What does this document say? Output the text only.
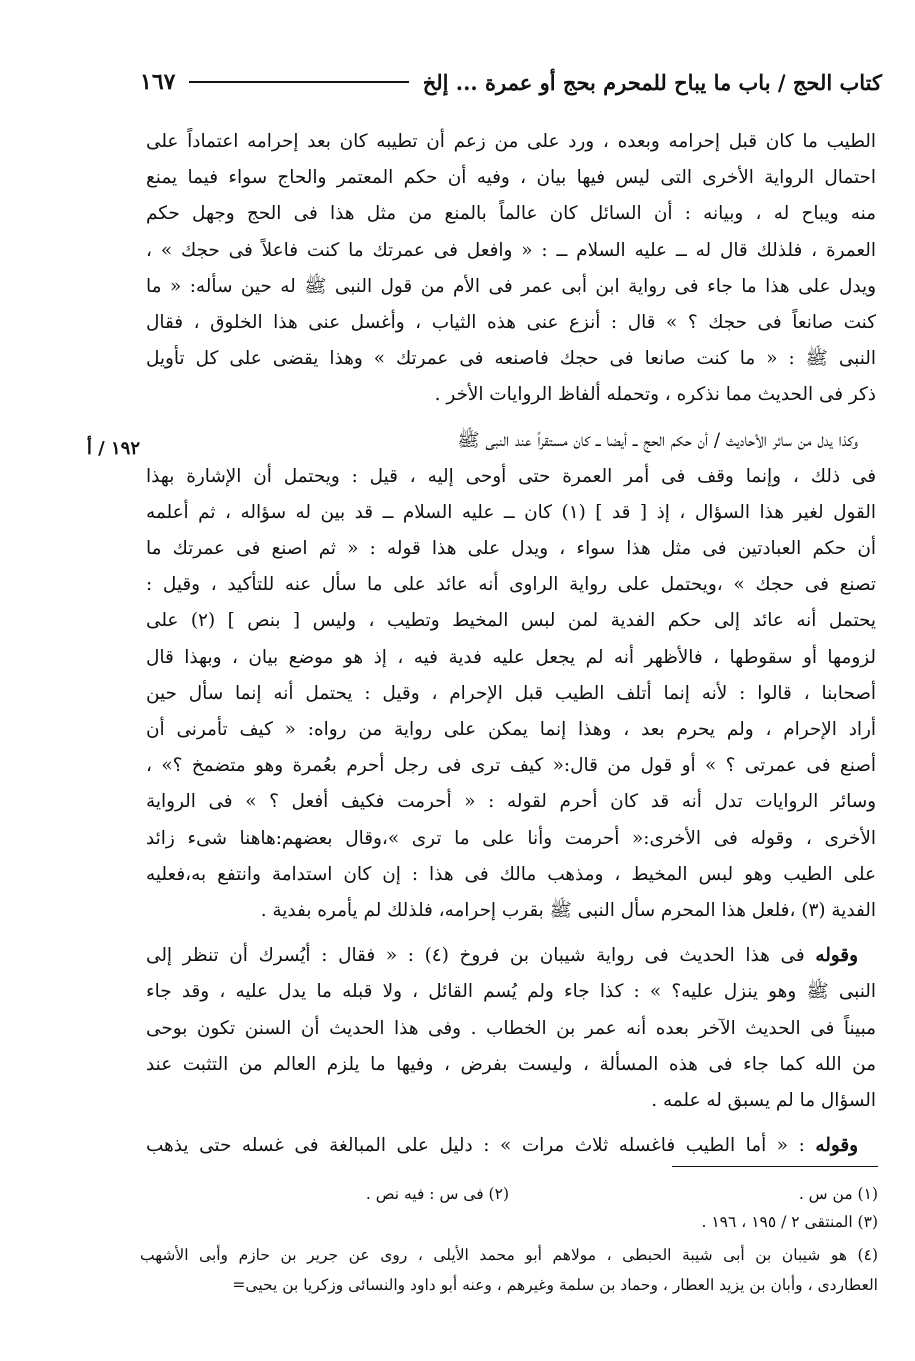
كتاب الحج / باب ما يباح للمحرم بحج أو عمرة ... إلخ
١٦٧
١٩٢ / أ
الطيب ما كان قبل إحرامه وبعده ، ورد على من زعم أن تطيبه كان بعد إحرامه اعتماداً على
احتمال الرواية الأخرى التى ليس فيها بيان ، وفيه أن حكم المعتمر والحاج سواء فيما يمنع
منه ويباح له ، وبيانه : أن السائل كان عالماً بالمنع من مثل هذا فى الحج وجهل حكم
العمرة ، فلذلك قال له ــ عليه السلام ــ : « وافعل فى عمرتك ما كنت فاعلاً فى حجك » ،
ويدل على هذا ما جاء فى رواية ابن أبى عمر فى الأم من قول النبى ﷺ له حين سأله: « ما
كنت صانعاً فى حجك ؟ » قال : أنزع عنى هذه الثياب ، وأغسل عنى هذا الخلوق ، فقال
النبى ﷺ : « ما كنت صانعا فى حجك فاصنعه فى عمرتك » وهذا يقضى على كل تأويل
ذكر فى الحديث مما نذكره ، وتحمله ألفاظ الروايات الأخر .
وكذا يدل من سائر الأحاديث / أن حكم الحج ــ أيضا ــ كان مستقراً عند النبى ﷺ
فى ذلك ، وإنما وقف فى أمر العمرة حتى أوحى إليه ، قيل : ويحتمل أن الإشارة بهذا
القول لغير هذا السؤال ، إذ [ قد ] (١) كان ــ عليه السلام ــ قد بين له سؤاله ، ثم أعلمه
أن حكم العبادتين فى مثل هذا سواء ، ويدل على هذا قوله : « ثم اصنع فى عمرتك ما
تصنع فى حجك » ،ويحتمل على رواية الراوى أنه عائد على ما سأل عنه للتأكيد ، وقيل :
يحتمل أنه عائد إلى حكم الفدية لمن لبس المخيط وتطيب ، وليس [ بنص ] (٢) على
لزومها أو سقوطها ، فالأظهر أنه لم يجعل عليه فدية فيه ، إذ هو موضع بيان ، وبهذا قال
أصحابنا ، قالوا : لأنه إنما أتلف الطيب قبل الإحرام ، وقيل : يحتمل أنه إنما سأل حين
أراد الإحرام ، ولم يحرم بعد ، وهذا إنما يمكن على رواية من رواه: « كيف تأمرنى أن
أصنع فى عمرتى ؟ » أو قول من قال:« كيف ترى فى رجل أحرم بعُمرة وهو متضمخ ؟» ،
وسائر الروايات تدل أنه قد كان أحرم لقوله : « أحرمت فكيف أفعل ؟ » فى الرواية
الأخرى ، وقوله فى الأخرى:« أحرمت وأنا على ما ترى »،وقال بعضهم:هاهنا شىء زائد
على الطيب وهو لبس المخيط ، ومذهب مالك فى هذا : إن كان استدامة وانتفع به،فعليه
الفدية (٣) ،فلعل هذا المحرم سأل النبى ﷺ بقرب إحرامه، فلذلك لم يأمره بفدية .
وقوله فى هذا الحديث فى رواية شيبان بن فروخ (٤) : « فقال : أيُسرك أن تنظر إلى
النبى ﷺ وهو ينزل عليه؟ » : كذا جاء ولم يُسم القائل ، ولا قبله ما يدل عليه ، وقد جاء
مبيناً فى الحديث الآخر بعده أنه عمر بن الخطاب . وفى هذا الحديث أن السنن تكون بوحى
من الله كما جاء فى هذه المسألة ، وليست بفرض ، وفيها ما يلزم العالم من التثبت عند
السؤال ما لم يسبق له علمه .
وقوله : « أما الطيب فاغسله ثلاث مرات » : دليل على المبالغة فى غسله حتى يذهب
(١) من س .
(٢) فى س : فيه نص .
(٣) المنتقى ٢ / ١٩٥ ، ١٩٦ .
(٤) هو شيبان بن أبى شيبة الحبطى ، مولاهم أبو محمد الأيلى ، روى عن جرير بن حازم وأبى الأشهب
العطاردى ، وأبان بن يزيد العطار ، وحماد بن سلمة وغيرهم ، وعنه أبو داود والنسائى وزكريا بن يحيى=
